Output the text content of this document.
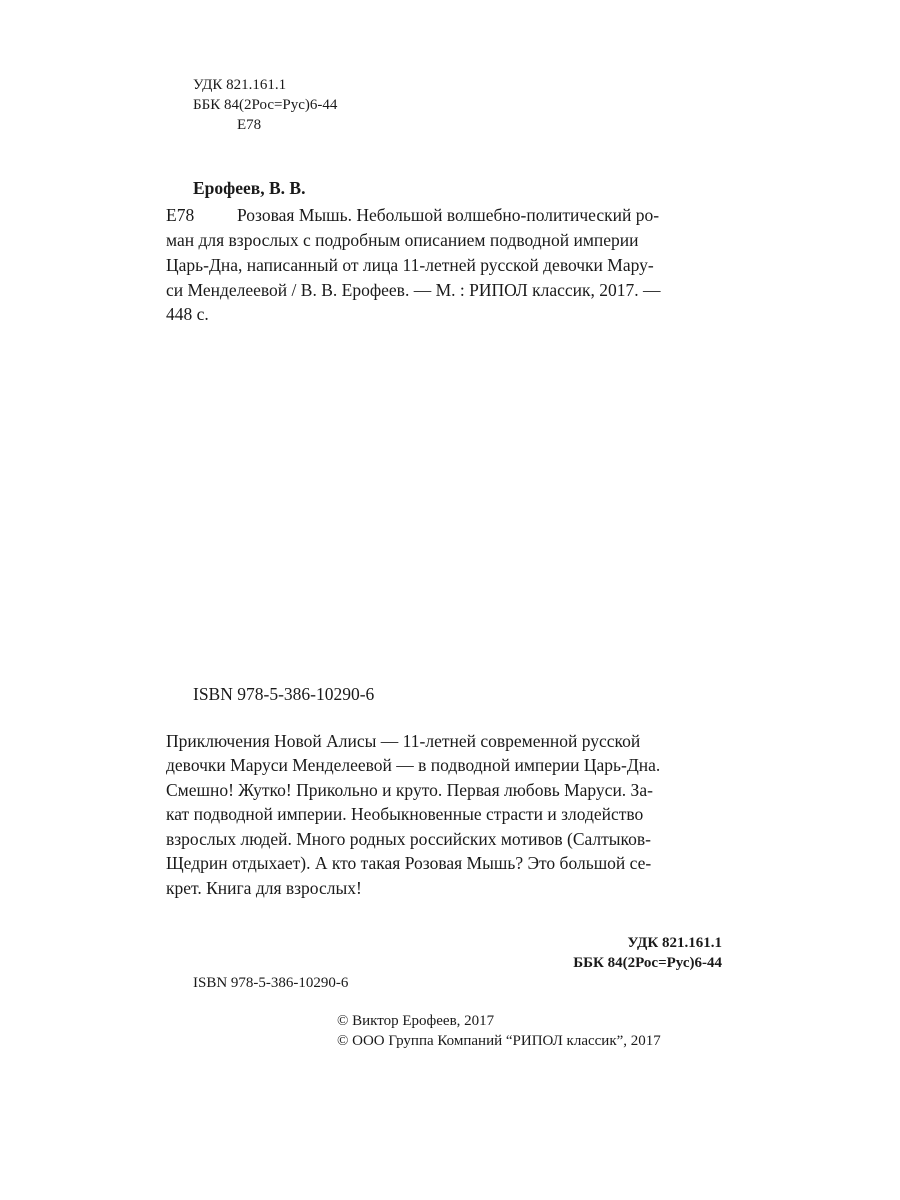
УДК 821.161.1
ББК 84(2Рос=Рус)6-44
Е78
Ерофеев, В. В.
Е78 Розовая Мышь. Небольшой волшебно-политический ро-
ман для взрослых с подробным описанием подводной империи
Царь-Дна, написанный от лица 11-летней русской девочки Мару-
си Менделеевой / В. В. Ерофеев. — М. : РИПОЛ классик, 2017. —
448 с.
ISBN 978-5-386-10290-6
Приключения Новой Алисы — 11-летней современной русской
девочки Маруси Менделеевой — в подводной империи Царь-Дна.
Смешно! Жутко! Прикольно и круто. Первая любовь Маруси. За-
кат подводной империи. Необыкновенные страсти и злодейство
взрослых людей. Много родных российских мотивов (Салтыков-
Щедрин отдыхает). А кто такая Розовая Мышь? Это большой се-
крет. Книга для взрослых!
УДК 821.161.1
ББК 84(2Рос=Рус)6-44
ISBN 978-5-386-10290-6
© Виктор Ерофеев, 2017
© ООО Группа Компаний “РИПОЛ классик”, 2017
